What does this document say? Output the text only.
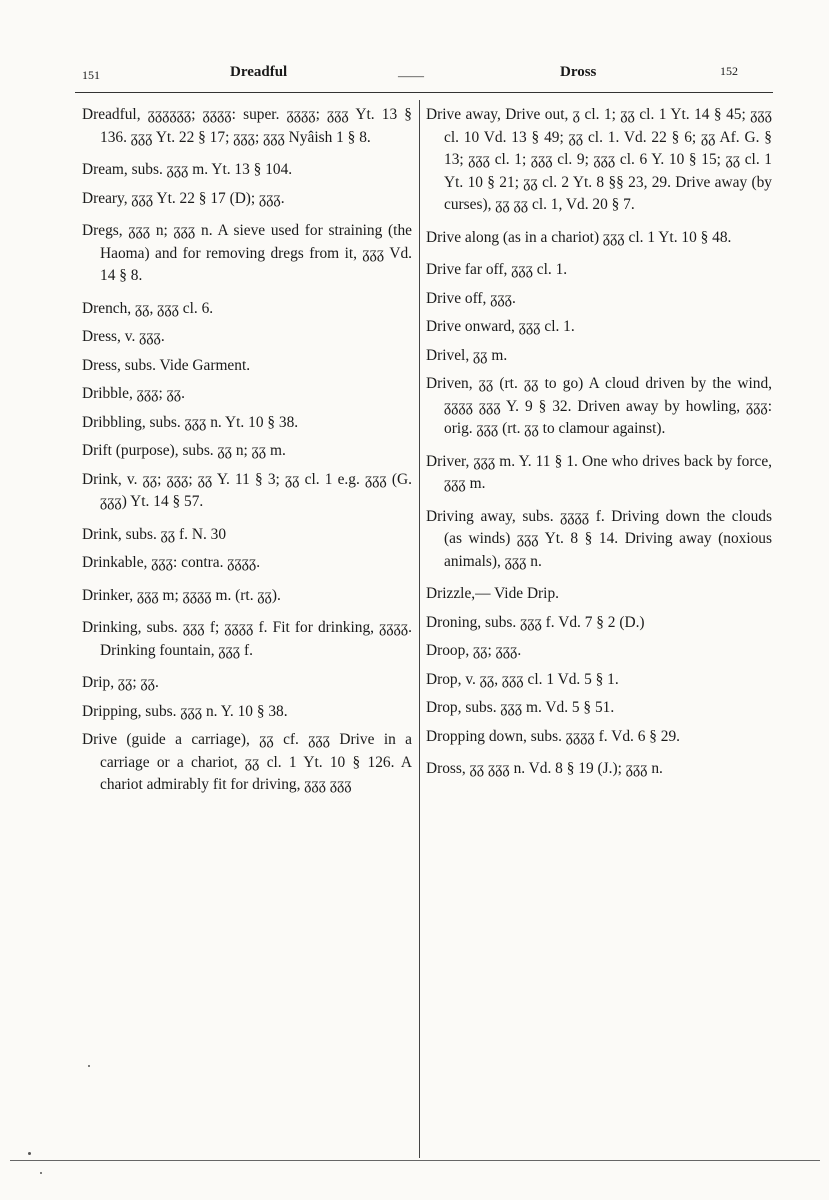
151	Dreadful	——	Dross	152

Dreadful, ᵹᵹᵹᵹᵹᵹ; ᵹᵹᵹᵹ: super. ᵹᵹᵹᵹ; ᵹᵹᵹ Yt. 13 § 136. ᵹᵹᵹ Yt. 22 § 17; ᵹᵹᵹ; ᵹᵹᵹ Nyâish 1 § 8.

Dream, subs. ᵹᵹᵹ m. Yt. 13 § 104.

Dreary, ᵹᵹᵹ Yt. 22 § 17 (D); ᵹᵹᵹ.

Dregs, ᵹᵹᵹ n; ᵹᵹᵹ n. A sieve used for straining (the Haoma) and for removing dregs from it, ᵹᵹᵹ Vd. 14 § 8.

Drench, ᵹᵹ, ᵹᵹᵹ cl. 6.

Dress, v. ᵹᵹᵹ.

Dress, subs. Vide Garment.

Dribble, ᵹᵹᵹ; ᵹᵹ.

Dribbling, subs. ᵹᵹᵹ n. Yt. 10 § 38.

Drift (purpose), subs. ᵹᵹ n; ᵹᵹ m.

Drink, v. ᵹᵹ; ᵹᵹᵹ; ᵹᵹ Y. 11 § 3; ᵹᵹ cl. 1 e.g. ᵹᵹᵹ (G. ᵹᵹᵹ) Yt. 14 § 57.

Drink, subs. ᵹᵹ f. N. 30

Drinkable, ᵹᵹᵹ: contra. ᵹᵹᵹᵹ.

Drinker, ᵹᵹᵹ m; ᵹᵹᵹᵹ m. (rt. ᵹᵹ).

Drinking, subs. ᵹᵹᵹ f; ᵹᵹᵹᵹ f. Fit for drinking, ᵹᵹᵹᵹ. Drinking fountain, ᵹᵹᵹ f.

Drip, ᵹᵹ; ᵹᵹ.

Dripping, subs. ᵹᵹᵹ n. Y. 10 § 38.

Drive (guide a carriage), ᵹᵹ cf. ᵹᵹᵹ Drive in a carriage or a chariot, ᵹᵹ cl. 1 Yt. 10 § 126. A chariot admirably fit for driving, ᵹᵹᵹ ᵹᵹᵹ

Drive away, Drive out, ᵹ cl. 1; ᵹᵹ cl. 1 Yt. 14 § 45; ᵹᵹᵹ cl. 10 Vd. 13 § 49; ᵹᵹ cl. 1. Vd. 22 § 6; ᵹᵹ Af. G. § 13; ᵹᵹᵹ cl. 1; ᵹᵹᵹ cl. 9; ᵹᵹᵹ cl. 6 Y. 10 § 15; ᵹᵹ cl. 1 Yt. 10 § 21; ᵹᵹ cl. 2 Yt. 8 §§ 23, 29. Drive away (by curses), ᵹᵹ ᵹᵹ cl. 1, Vd. 20 § 7.

Drive along (as in a chariot) ᵹᵹᵹ cl. 1 Yt. 10 § 48.

Drive far off, ᵹᵹᵹ cl. 1.

Drive off, ᵹᵹᵹ.

Drive onward, ᵹᵹᵹ cl. 1.

Drivel, ᵹᵹ m.

Driven, ᵹᵹ (rt. ᵹᵹ to go) A cloud driven by the wind, ᵹᵹᵹᵹ ᵹᵹᵹ Y. 9 § 32. Driven away by howling, ᵹᵹᵹ: orig. ᵹᵹᵹ (rt. ᵹᵹ to clamour against).

Driver, ᵹᵹᵹ m. Y. 11 § 1. One who drives back by force, ᵹᵹᵹ m.

Driving away, subs. ᵹᵹᵹᵹ f. Driving down the clouds (as winds) ᵹᵹᵹ Yt. 8 § 14. Driving away (noxious animals), ᵹᵹᵹ n.

Drizzle,— Vide Drip.

Droning, subs. ᵹᵹᵹ f. Vd. 7 § 2 (D.)

Droop, ᵹᵹ; ᵹᵹᵹ.

Drop, v. ᵹᵹ, ᵹᵹᵹ cl. 1 Vd. 5 § 1.

Drop, subs. ᵹᵹᵹ m. Vd. 5 § 51.

Dropping down, subs. ᵹᵹᵹᵹ f. Vd. 6 § 29.

Dross, ᵹᵹ ᵹᵹᵹ n. Vd. 8 § 19 (J.); ᵹᵹᵹ n.
